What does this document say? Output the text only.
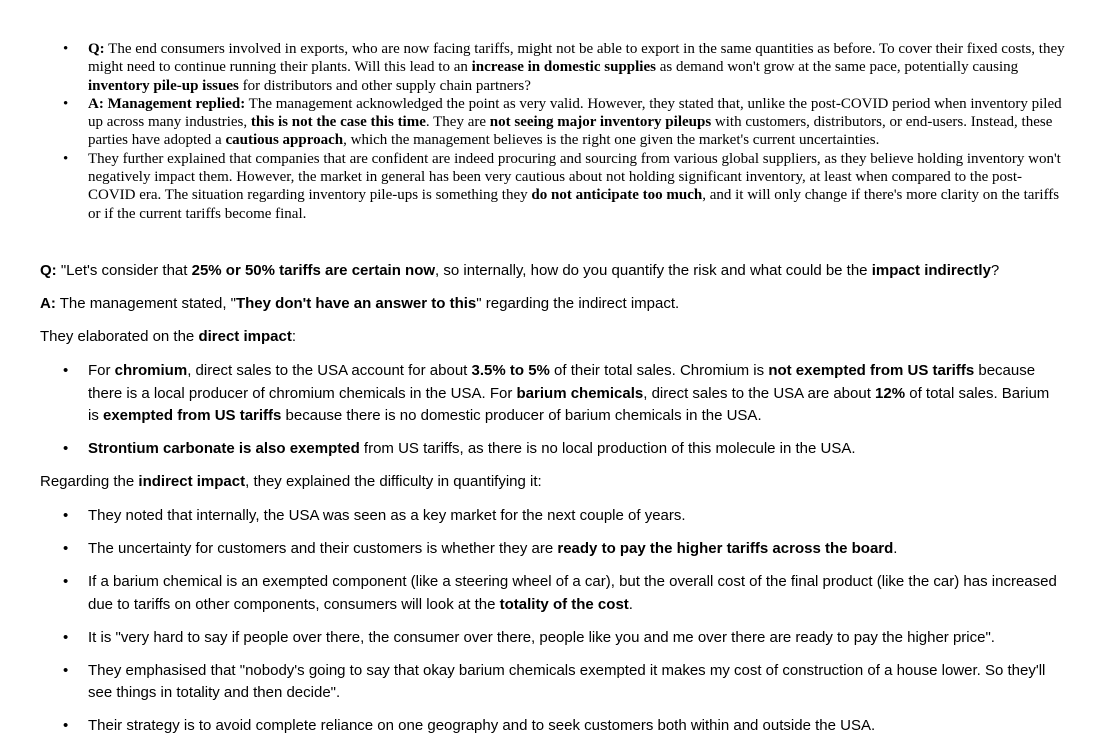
• Q: The end consumers involved in exports, who are now facing tariffs, might not be able to export in the same quantities as before. To cover their fixed costs, they might need to continue running their plants. Will this lead to an increase in domestic supplies as demand won't grow at the same pace, potentially causing inventory pile-up issues for distributors and other supply chain partners?
• A: Management replied: The management acknowledged the point as very valid. However, they stated that, unlike the post-COVID period when inventory piled up across many industries, this is not the case this time. They are not seeing major inventory pileups with customers, distributors, or end-users. Instead, these parties have adopted a cautious approach, which the management believes is the right one given the market's current uncertainties.
• They further explained that companies that are confident are indeed procuring and sourcing from various global suppliers, as they believe holding inventory won't negatively impact them. However, the market in general has been very cautious about not holding significant inventory, at least when compared to the post-COVID era. The situation regarding inventory pile-ups is something they do not anticipate too much, and it will only change if there's more clarity on the tariffs or if the current tariffs become final.
Q: "Let's consider that 25% or 50% tariffs are certain now, so internally, how do you quantify the risk and what could be the impact indirectly?
A: The management stated, "They don't have an answer to this" regarding the indirect impact.
They elaborated on the direct impact:
• For chromium, direct sales to the USA account for about 3.5% to 5% of their total sales. Chromium is not exempted from US tariffs because there is a local producer of chromium chemicals in the USA. For barium chemicals, direct sales to the USA are about 12% of total sales. Barium is exempted from US tariffs because there is no domestic producer of barium chemicals in the USA.
• Strontium carbonate is also exempted from US tariffs, as there is no local production of this molecule in the USA.
Regarding the indirect impact, they explained the difficulty in quantifying it:
• They noted that internally, the USA was seen as a key market for the next couple of years.
• The uncertainty for customers and their customers is whether they are ready to pay the higher tariffs across the board.
• If a barium chemical is an exempted component (like a steering wheel of a car), but the overall cost of the final product (like the car) has increased due to tariffs on other components, consumers will look at the totality of the cost.
• It is "very hard to say if people over there, the consumer over there, people like you and me over there are ready to pay the higher price".
• They emphasised that "nobody's going to say that okay barium chemicals exempted it makes my cost of construction of a house lower. So they'll see things in totality and then decide".
• Their strategy is to avoid complete reliance on one geography and to seek customers both within and outside the USA.
